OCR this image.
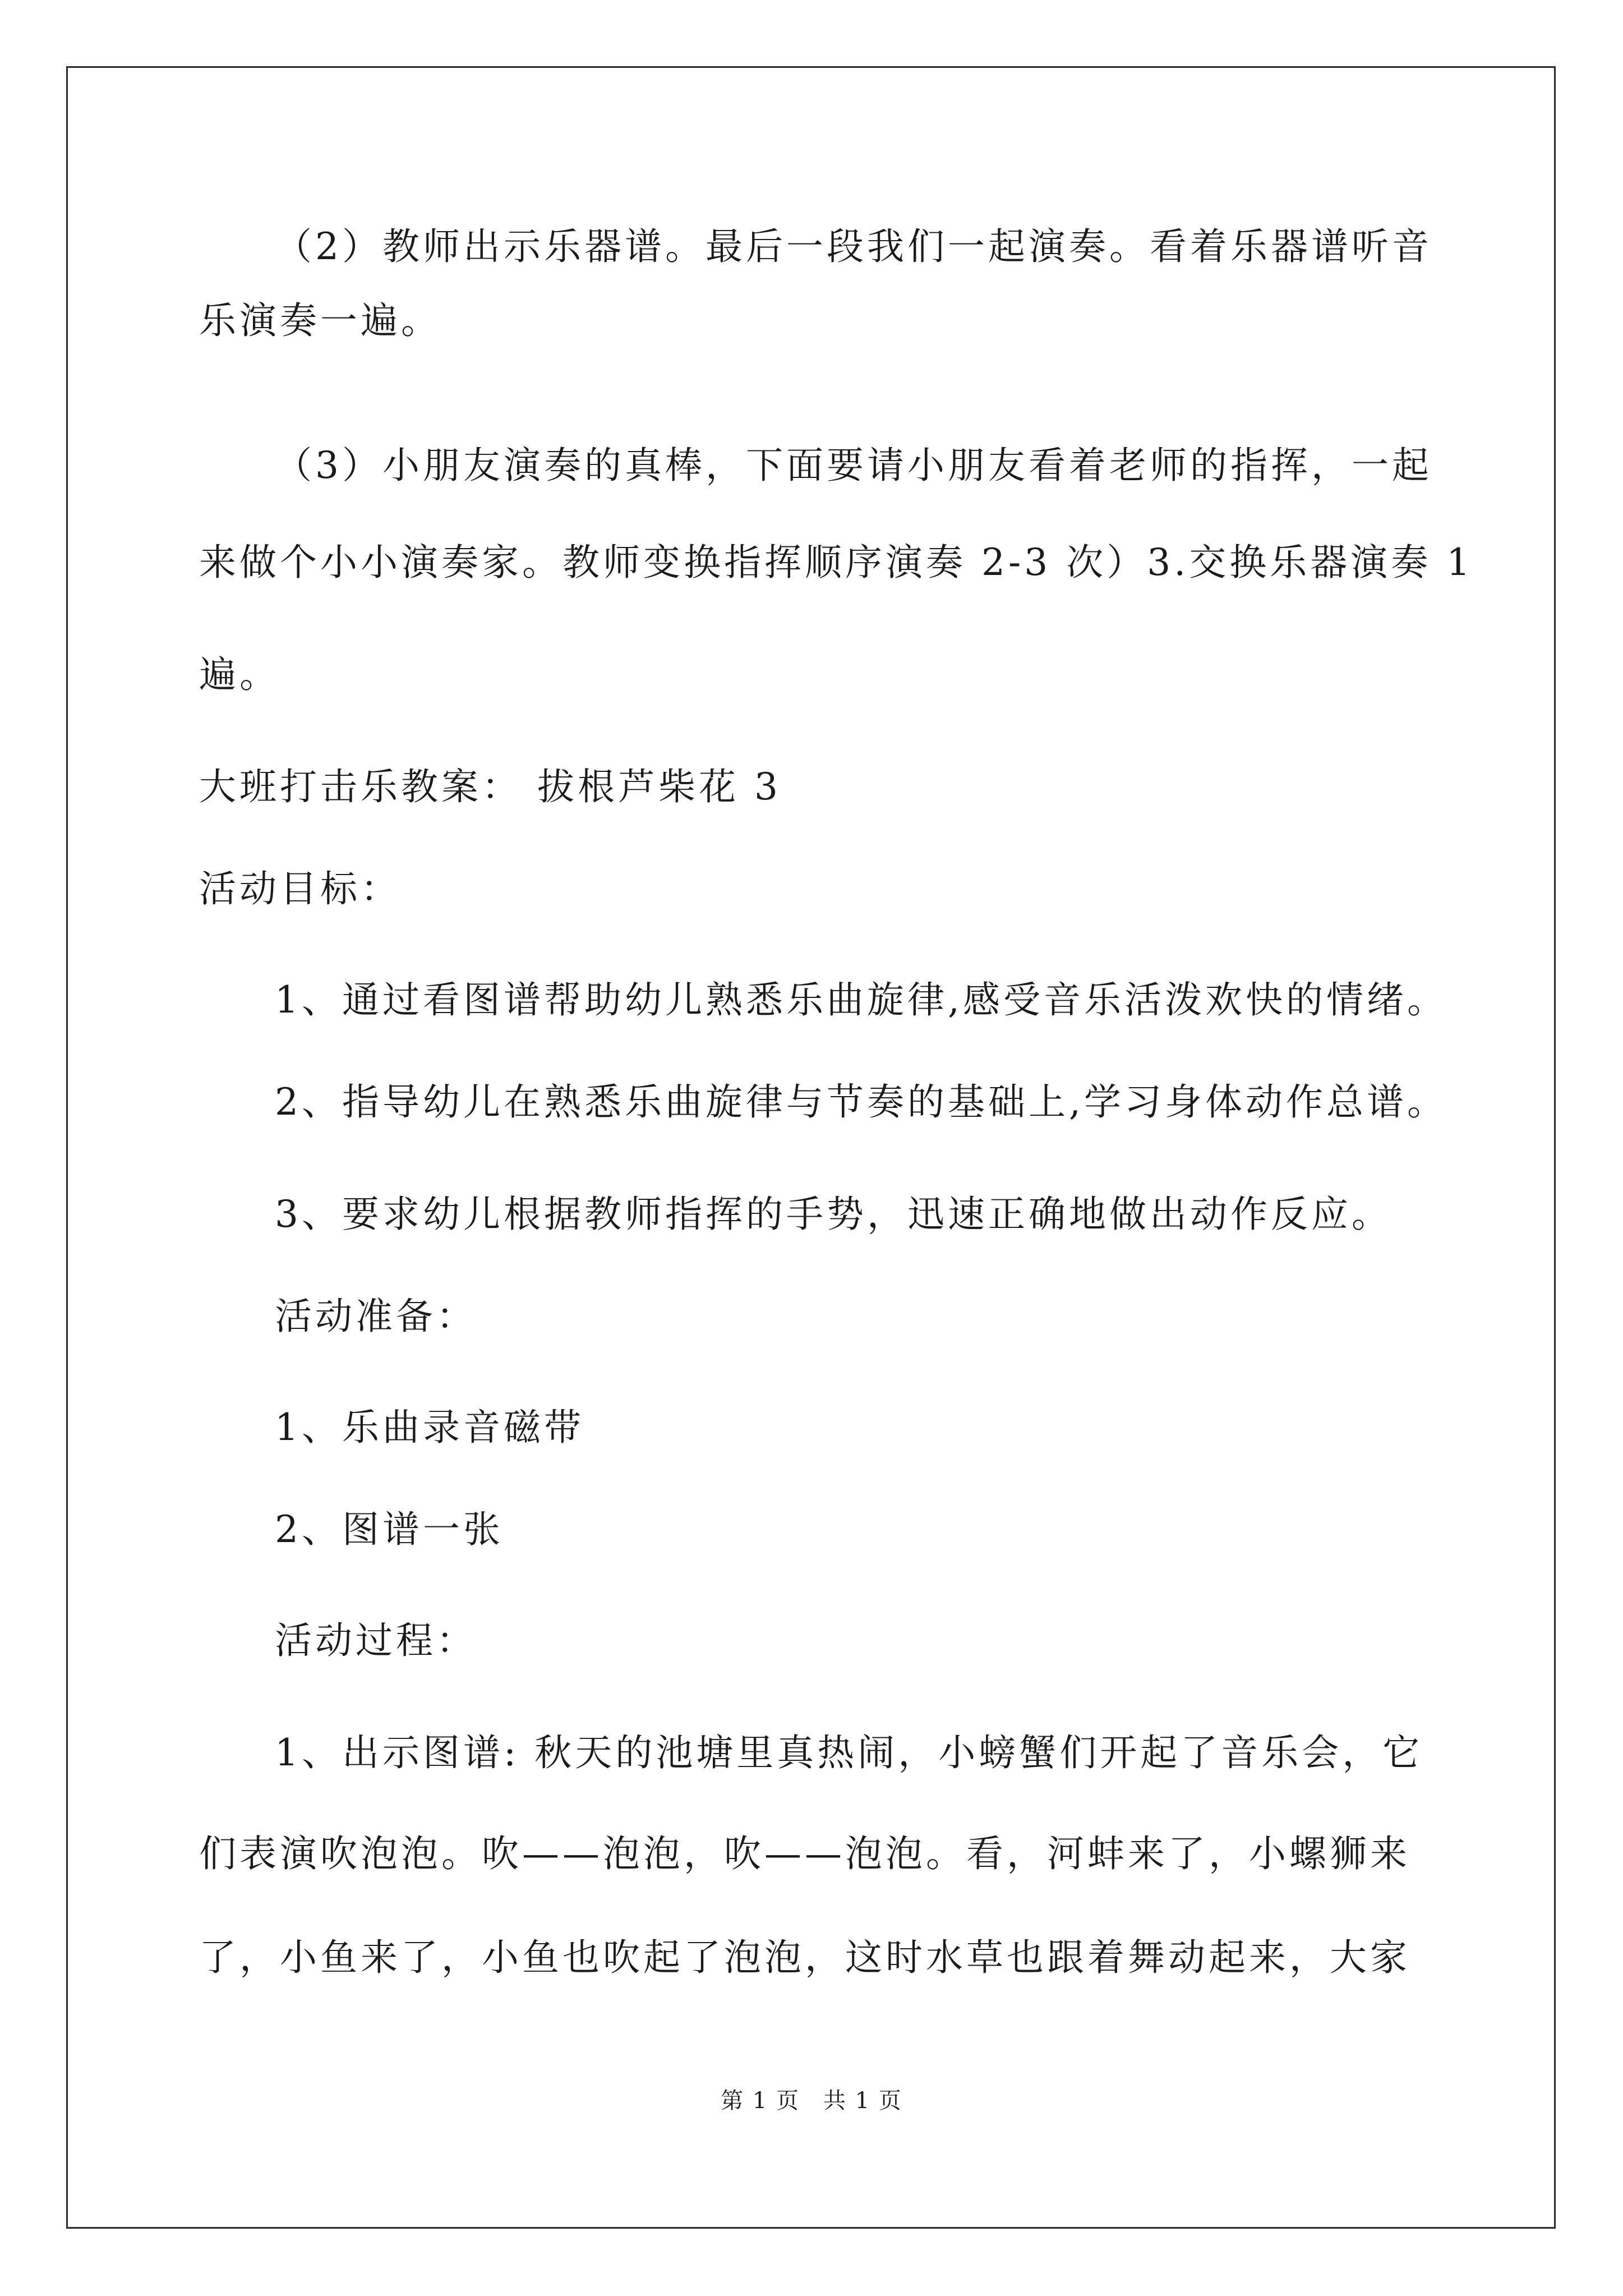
（2）教师出示乐器谱。最后一段我们一起演奏。看着乐器谱听音
乐演奏一遍。
（3）小朋友演奏的真棒，下面要请小朋友看着老师的指挥，一起
来做个小小演奏家。教师变换指挥顺序演奏 2-3 次）3.交换乐器演奏 1
遍。
大班打击乐教案： 拔根芦柴花 3
活动目标：
1、通过看图谱帮助幼儿熟悉乐曲旋律,感受音乐活泼欢快的情绪。
2、指导幼儿在熟悉乐曲旋律与节奏的基础上,学习身体动作总谱。
3、要求幼儿根据教师指挥的手势，迅速正确地做出动作反应。
活动准备：
1、乐曲录音磁带
2、图谱一张
活动过程：
1、出示图谱: 秋天的池塘里真热闹，小螃蟹们开起了音乐会，它
们表演吹泡泡。吹——泡泡，吹——泡泡。看，河蚌来了，小螺狮来
了，小鱼来了，小鱼也吹起了泡泡，这时水草也跟着舞动起来，大家
第 1 页　共 1 页
